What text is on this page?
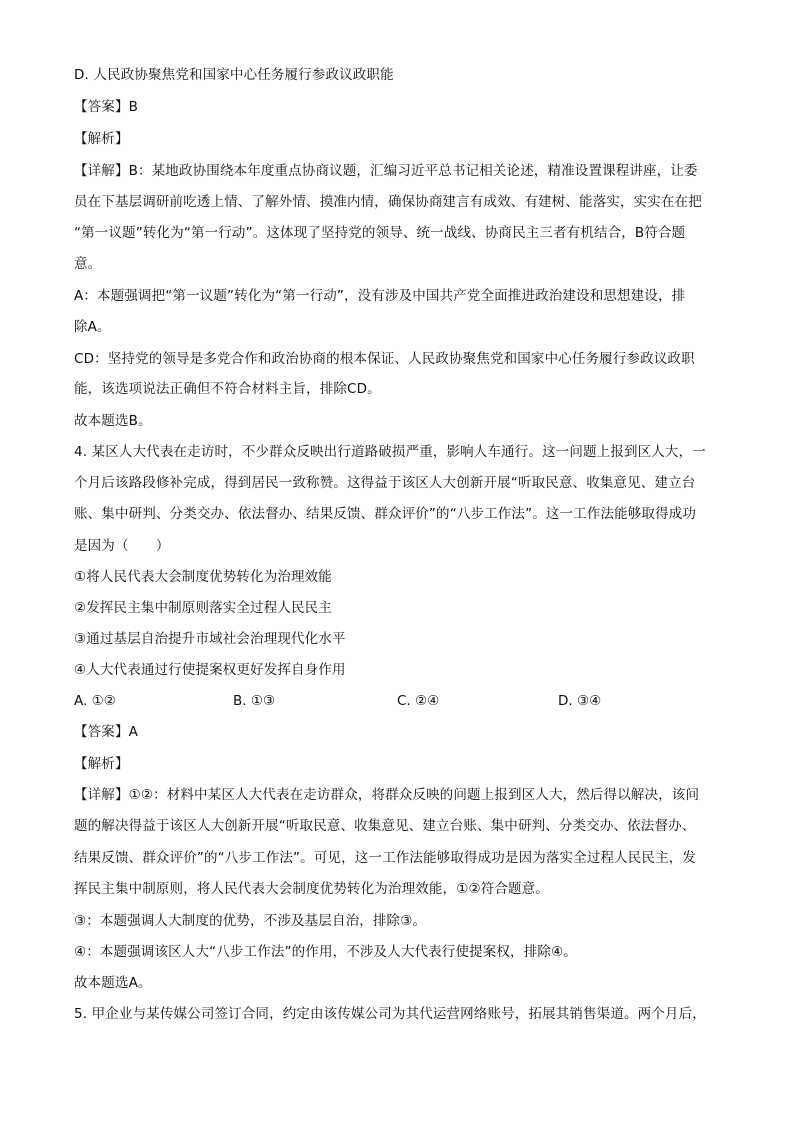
D. 人民政协聚焦党和国家中心任务履行参政议政职能
【答案】B
【解析】
【详解】B：某地政协围绕本年度重点协商议题，汇编习近平总书记相关论述，精准设置课程讲座，让委
员在下基层调研前吃透上情、了解外情、摸准内情，确保协商建言有成效、有建树、能落实，实实在在把
“第一议题”转化为“第一行动”。这体现了坚持党的领导、统一战线、协商民主三者有机结合，B符合题
意。
A：本题强调把“第一议题”转化为“第一行动”，没有涉及中国共产党全面推进政治建设和思想建设，排
除A。
CD：坚持党的领导是多党合作和政治协商的根本保证、人民政协聚焦党和国家中心任务履行参政议政职
能，该选项说法正确但不符合材料主旨，排除CD。
故本题选B。
4. 某区人大代表在走访时，不少群众反映出行道路破损严重，影响人车通行。这一问题上报到区人大，一
个月后该路段修补完成，得到居民一致称赞。这得益于该区人大创新开展“听取民意、收集意见、建立台
账、集中研判、分类交办、依法督办、结果反馈、群众评价”的“八步工作法”。这一工作法能够取得成功
是因为（　　）
①将人民代表大会制度优势转化为治理效能
②发挥民主集中制原则落实全过程人民民主
③通过基层自治提升市域社会治理现代化水平
④人大代表通过行使提案权更好发挥自身作用
A. ①②	B. ①③	C. ②④	D. ③④
【答案】A
【解析】
【详解】①②：材料中某区人大代表在走访群众，将群众反映的问题上报到区人大，然后得以解决，该问
题的解决得益于该区人大创新开展“听取民意、收集意见、建立台账、集中研判、分类交办、依法督办、
结果反馈、群众评价”的“八步工作法”。可见，这一工作法能够取得成功是因为落实全过程人民民主，发
挥民主集中制原则，将人民代表大会制度优势转化为治理效能，①②符合题意。
③：本题强调人大制度的优势，不涉及基层自治，排除③。
④：本题强调该区人大“八步工作法”的作用，不涉及人大代表行使提案权，排除④。
故本题选A。
5. 甲企业与某传媒公司签订合同，约定由该传媒公司为其代运营网络账号，拓展其销售渠道。两个月后，
